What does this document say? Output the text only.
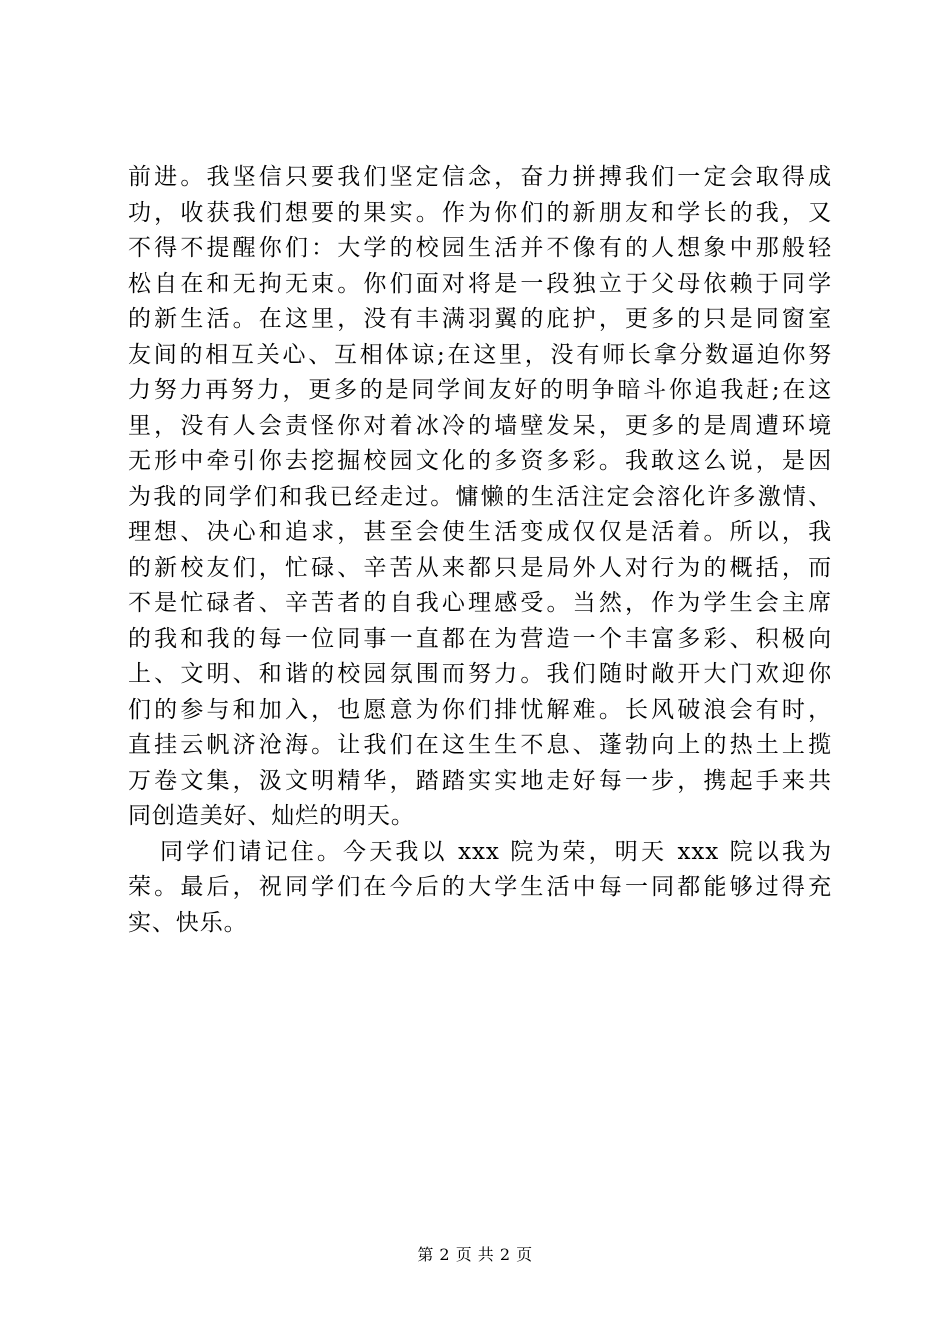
前进。我坚信只要我们坚定信念，奋力拼搏我们一定会取得成
功，收获我们想要的果实。作为你们的新朋友和学长的我，又
不得不提醒你们：大学的校园生活并不像有的人想象中那般轻
松自在和无拘无束。你们面对将是一段独立于父母依赖于同学
的新生活。在这里，没有丰满羽翼的庇护，更多的只是同窗室
友间的相互关心、互相体谅;在这里，没有师长拿分数逼迫你努
力努力再努力，更多的是同学间友好的明争暗斗你追我赶;在这
里，没有人会责怪你对着冰冷的墙壁发呆，更多的是周遭环境
无形中牵引你去挖掘校园文化的多资多彩。我敢这么说，是因
为我的同学们和我已经走过。慵懒的生活注定会溶化许多激情、
理想、决心和追求，甚至会使生活变成仅仅是活着。所以，我
的新校友们，忙碌、辛苦从来都只是局外人对行为的概括，而
不是忙碌者、辛苦者的自我心理感受。当然，作为学生会主席
的我和我的每一位同事一直都在为营造一个丰富多彩、积极向
上、文明、和谐的校园氛围而努力。我们随时敞开大门欢迎你
们的参与和加入，也愿意为你们排忧解难。长风破浪会有时，
直挂云帆济沧海。让我们在这生生不息、蓬勃向上的热土上揽
万卷文集，汲文明精华，踏踏实实地走好每一步，携起手来共
同创造美好、灿烂的明天。
同学们请记住。今天我以 xxx 院为荣，明天 xxx 院以我为
荣。最后，祝同学们在今后的大学生活中每一同都能够过得充
实、快乐。
第 2 页 共 2 页
